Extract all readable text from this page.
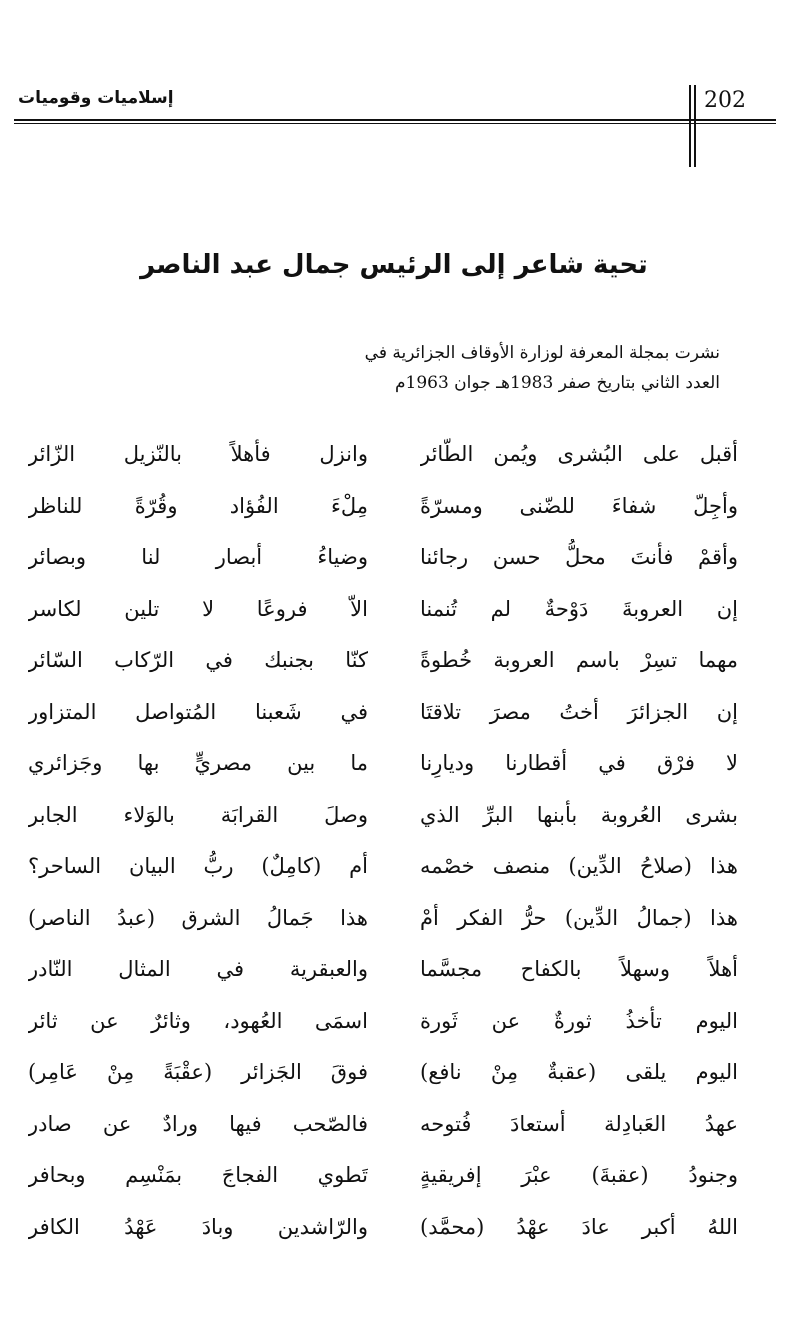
إسلاميات وقوميات	202
تحية شاعر إلى الرئيس جمال عبد الناصر
نشرت بمجلة المعرفة لوزارة الأوقاف الجزائرية في
العدد الثاني بتاريخ صفر 1983هـ جوان 1963م
أقبل على البُشرى ويُمن الطّائر
وأجِلّ شفاءَ للضّنى ومسرّةً
وأقمْ فأنتَ محلُّ حسن رجائنا
إن العروبةَ دَوْحةٌ لم تُنمنا
مهما تسِرْ باسم العروبة خُطوةً
إن الجزائرَ أختُ مصرَ تلاقتَا
لا فرْق في أقطارنا وديارِنا
بشرى العُروبة بأبنها البرِّ الذي
هذا (صلاحُ الدِّين) منصف خصْمه
هذا (جمالُ الدِّين) حرُّ الفكر أمْ
أهلاً وسهلاً بالكفاح مجسَّما
اليوم تأخذُ ثورةٌ عن ثَورة
اليوم يلقى (عقبةٌ مِنْ نافع)
عهدُ العَبادِلة أستعادَ فُتوحه
وجنودُ (عقبةَ) عبْرَ إفريقيةٍ
اللهُ أكبر عادَ عهْدُ (محمَّد)
وانزل فأهلاً بالنّزيل الزّائر
مِلْءَ الفُؤاد وقُرّةً للناظر
وضياءُ أبصار لنا وبصائر
الاّ فروعًا لا تلين لكاسر
كنّا بجنبك في الرّكاب السّائر
في شَعبنا المُتواصل المتزاور
ما بين مصريٍّ بها وجَزائري
وصلَ القرابَة بالوَلاء الجابر
أم (كامِلٌ) ربُّ البيان الساحر؟
هذا جَمالُ الشرق (عبدُ الناصر)
والعبقرية في المثال النّادر
اسمَى العُهود، وثائرٌ عن ثائر
فوقَ الجَزائر (عقْبَةً مِنْ عَامِر)
فالصّحب فيها ورادٌ عن صادر
تَطوي الفجاجَ بمَنْسِم وبحافر
والرّاشدين وبادَ عَهْدُ الكافر
